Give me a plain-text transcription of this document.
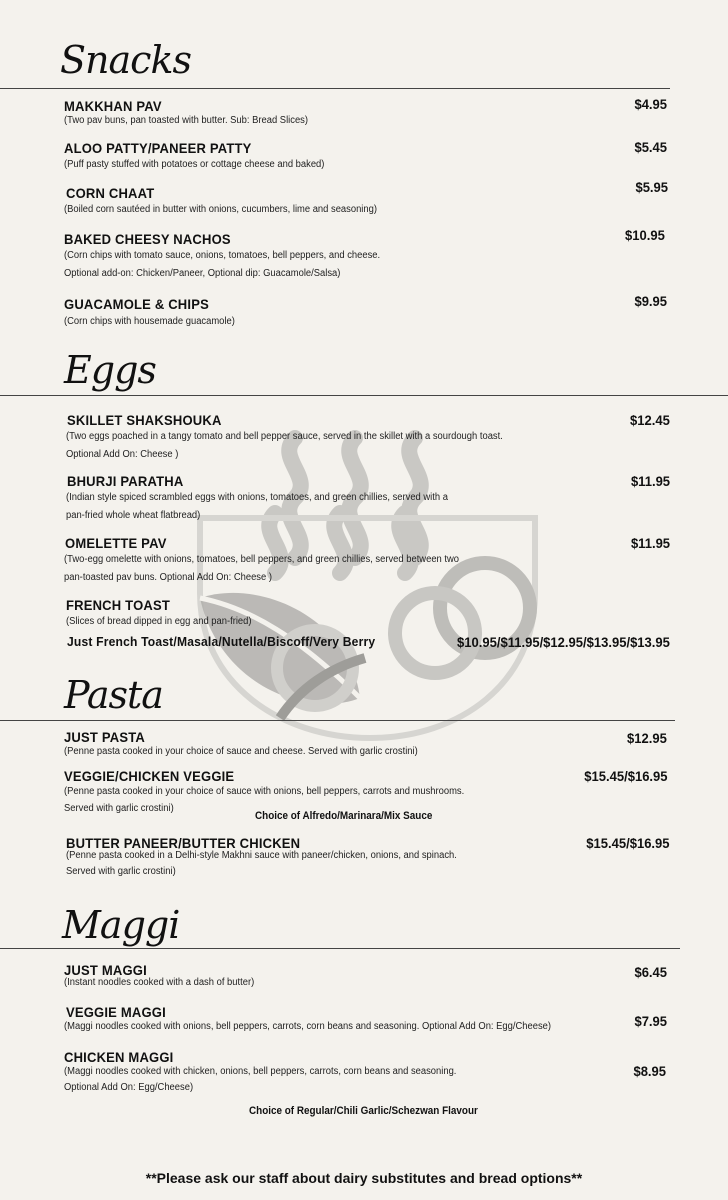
Snacks
MAKKHAN PAV	$4.95
(Two pav buns, pan toasted with butter. Sub: Bread Slices)
ALOO PATTY/PANEER PATTY	$5.45
(Puff pasty stuffed with potatoes or cottage cheese and baked)
CORN CHAAT	$5.95
(Boiled corn sautéed in butter with onions, cucumbers, lime and seasoning)
BAKED CHEESY NACHOS	$10.95
(Corn chips with tomato sauce, onions, tomatoes, bell peppers, and cheese.
Optional add-on: Chicken/Paneer, Optional dip: Guacamole/Salsa)
GUACAMOLE & CHIPS	$9.95
(Corn chips with housemade guacamole)
Eggs
SKILLET SHAKSHOUKA	$12.45
(Two eggs poached in a tangy tomato and bell pepper sauce, served in the skillet with a sourdough toast.
Optional Add On: Cheese )
BHURJI PARATHA	$11.95
(Indian style spiced scrambled eggs with onions, tomatoes, and green chillies, served with a
pan-fried whole wheat flatbread)
OMELETTE PAV	$11.95
(Two-egg omelette with onions, tomatoes, bell peppers, and green chillies, served between two
pan-toasted pav buns. Optional Add On: Cheese )
FRENCH TOAST
(Slices of bread dipped in egg and pan-fried)
Just French Toast/Masala/Nutella/Biscoff/Very Berry	$10.95/$11.95/$12.95/$13.95/$13.95
Pasta
JUST PASTA	$12.95
(Penne pasta cooked in your choice of sauce and cheese. Served with garlic crostini)
VEGGIE/CHICKEN VEGGIE	$15.45/$16.95
(Penne pasta cooked in your choice of sauce with onions, bell peppers, carrots and mushrooms.
Served with garlic crostini)
Choice of Alfredo/Marinara/Mix Sauce
BUTTER PANEER/BUTTER CHICKEN	$15.45/$16.95
(Penne pasta cooked in a Delhi-style Makhni sauce with paneer/chicken, onions, and spinach.
Served with garlic crostini)
Maggi
JUST MAGGI	$6.45
(Instant noodles cooked with a dash of butter)
VEGGIE MAGGI
$7.95
(Maggi noodles cooked with onions, bell peppers, carrots, corn beans and seasoning. Optional Add On: Egg/Cheese)
CHICKEN MAGGI
$8.95
(Maggi noodles cooked with chicken, onions, bell peppers, carrots, corn beans and seasoning.
Optional Add On: Egg/Cheese)
Choice of Regular/Chili Garlic/Schezwan Flavour
**Please ask our staff about dairy substitutes and bread options**
